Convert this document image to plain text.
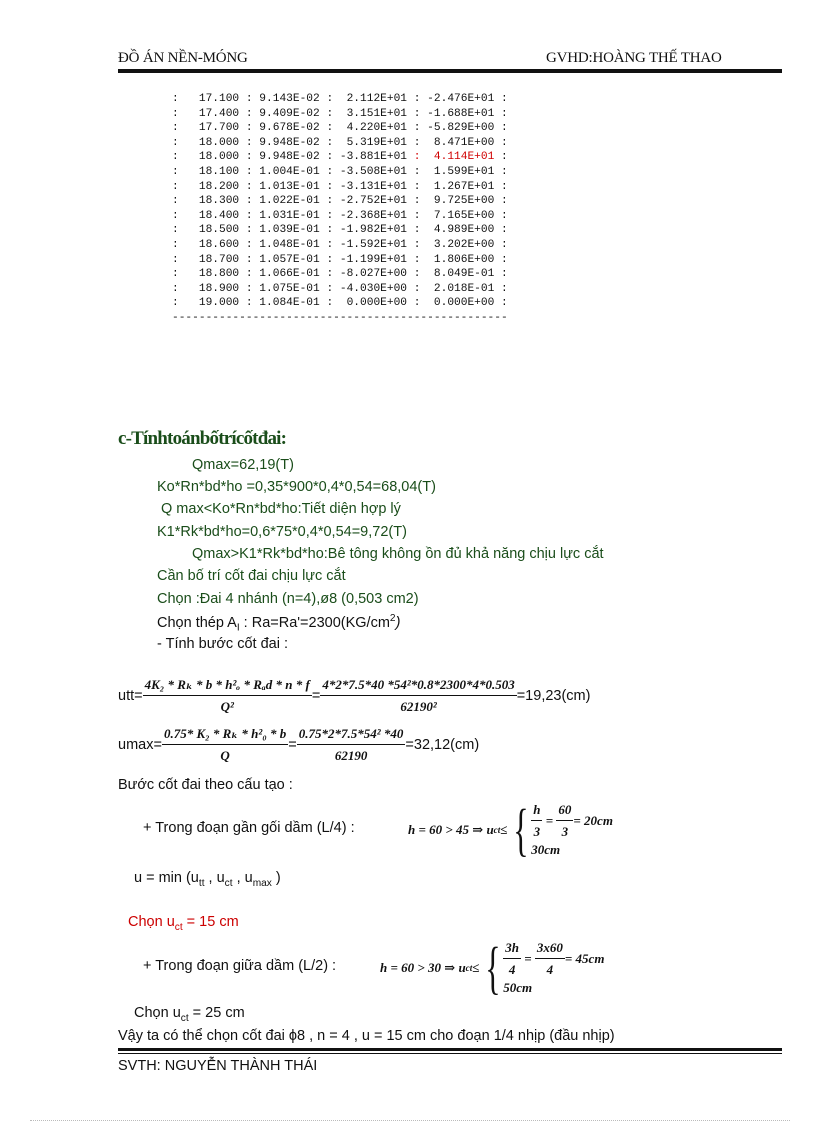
ĐỒ ÁN NỀN-MÓNG	GVHD:HOÀNG THẾ THAO
:   17.100 : 9.143E-02 :  2.112E+01 : -2.476E+01 :
:   17.400 : 9.409E-02 :  3.151E+01 : -1.688E+01 :
:   17.700 : 9.678E-02 :  4.220E+01 : -5.829E+00 :
:   18.000 : 9.948E-02 :  5.319E+01 :  8.471E+00 :
:   18.000 : 9.948E-02 : -3.881E+01 :  4.114E+01 :
:   18.100 : 1.004E-01 : -3.508E+01 :  1.599E+01 :
:   18.200 : 1.013E-01 : -3.131E+01 :  1.267E+01 :
:   18.300 : 1.022E-01 : -2.752E+01 :  9.725E+00 :
:   18.400 : 1.031E-01 : -2.368E+01 :  7.165E+00 :
:   18.500 : 1.039E-01 : -1.982E+01 :  4.989E+00 :
:   18.600 : 1.048E-01 : -1.592E+01 :  3.202E+00 :
:   18.700 : 1.057E-01 : -1.199E+01 :  1.806E+00 :
:   18.800 : 1.066E-01 : -8.027E+00 :  8.049E-01 :
:   18.900 : 1.075E-01 : -4.030E+00 :  2.018E-01 :
:   19.000 : 1.084E-01 :  0.000E+00 :  0.000E+00 :
--------------------------------------------------
c-Tínhtoánbốtrícốtđai:
Qmax=62,19(T)
Ko*Rn*bd*ho =0,35*900*0,4*0,54=68,04(T)
Q max<Ko*Rn*bd*ho:Tiết diện hợp lý
K1*Rk*bd*ho=0,6*75*0,4*0,54=9,72(T)
Qmax>K1*Rk*bd*ho:Bê tông không ồn đủ khả năng chịu lực cắt
Cần bố trí cốt đai chịu lực cắt
Chọn :Đai 4 nhánh (n=4),ø8 (0,503 cm2)
Chọn thép $A_I$ : $Ra=Ra'=2300(KG/cm^2)$
- Tính bước cốt đai :
$utt= \frac{\text{4K₂ * Rₖ * b * h²ₒ * Rₐd * n * f}}{\text{Q²}} = \frac{\text{4*2*7.5*40 *54²*0.8*2300*4*0.503}}{\text{62190²}} =19,23(cm)$
$umax= \frac{\text{0.75* K₂ * Rₖ * h²₀ * b}}{Q} = \frac{\text{0.75*2*7.5*54² *40}}{62190} =32,12(cm)$
Bước cốt đai theo cấu tạo :
+ Trong đoạn gần gối dầm (L/4) :	h = 60 > 45 ⇒ u ct ≤ { $\frac{h}{3} = \frac{60}{3} = 20cm$
30cm
$u = \min (u_{tt}$ , $u_{ct}$ , $u_{max}$ )
Chọn $u_{ct} = 15$ cm
+ Trong đoạn giữa dầm (L/2) :	h = 60 > 30 ⇒ u ct ≤ { $\frac{3h}{4} = \frac{3x60}{4} = 45cm$
50cm
Chọn $u_{ct} = 25$ cm
Vậy ta có thể chọn cốt đai ϕ8 , n = 4 , u = 15 cm cho đoạn 1/4 nhịp (đầu nhịp)
SVTH: NGUYỄN THÀNH THÁI
